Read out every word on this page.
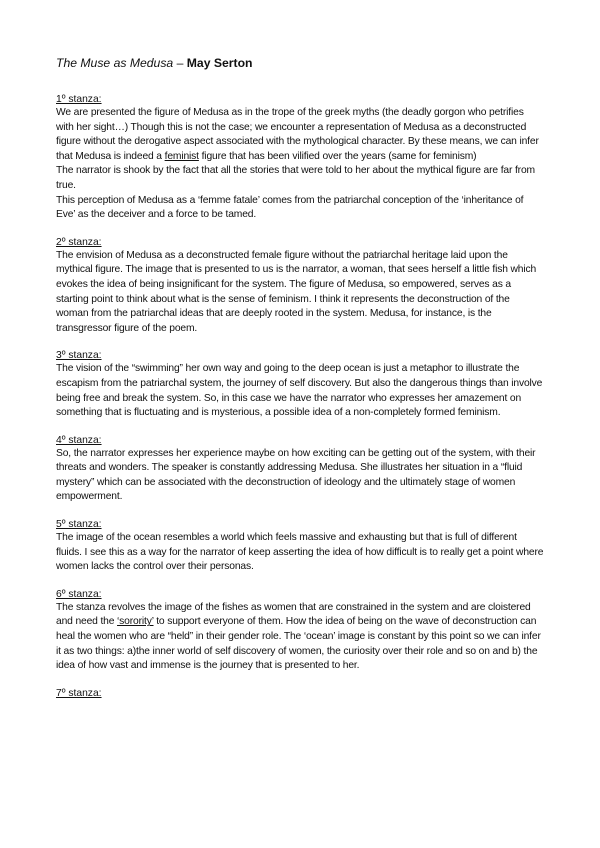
The Muse as Medusa – May Serton

1º stanza:

We are presented the figure of Medusa as in the trope of the greek myths (the deadly gorgon who petrifies with her sight…) Though this is not the case; we encounter a representation of Medusa as a deconstructed figure without the derogative aspect associated with the mythological character. By these means, we can infer that Medusa is indeed a feminist figure that has been vilified over the years (same for feminism)

The narrator is shook by the fact that all the stories that were told to her about the mythical figure are far from true.

This perception of Medusa as a ‘femme fatale’ comes from the patriarchal conception of the ‘inheritance of Eve’ as the deceiver and a force to be tamed.

2º stanza:

The envision of Medusa as a deconstructed female figure without the patriarchal heritage laid upon the mythical figure. The image that is presented to us is the narrator, a woman, that sees herself a little fish which evokes the idea of being insignificant for the system. The figure of Medusa, so empowered, serves as a starting point to think about what is the sense of feminism. I think it represents the deconstruction of the woman from the patriarchal ideas that are deeply rooted in the system. Medusa, for instance, is the transgressor figure of the poem.

3º stanza:

The vision of the “swimming” her own way and going to the deep ocean is just a metaphor to illustrate the escapism from the patriarchal system, the journey of self discovery. But also the dangerous things than involve being free and break the system. So, in this case we have the narrator who expresses her amazement on something that is fluctuating and is mysterious, a possible idea of a non-completely formed feminism.

4º stanza:

So, the narrator expresses her experience maybe on how exciting can be getting out of the system, with their threats and wonders. The speaker is constantly addressing Medusa. She illustrates her situation in a “fluid mystery” which can be associated with the deconstruction of ideology and the ultimately stage of women empowerment.

5º stanza:

The image of the ocean resembles a world which feels massive and exhausting but that is full of different fluids. I see this as a way for the narrator of keep asserting the idea of how difficult is to really get a point where women lacks the control over their personas.

6º stanza:

The stanza revolves the image of the fishes as women that are constrained in the system and are cloistered and need the ‘sorority’ to support everyone of them. How the idea of being on the wave of deconstruction can heal the women who are “held” in their gender role. The ‘ocean’ image is constant by this point so we can infer it as two things: a)the inner world of self discovery of women, the curiosity over their role and so on and b) the idea of how vast and immense is the journey that is presented to her.

7º stanza:
